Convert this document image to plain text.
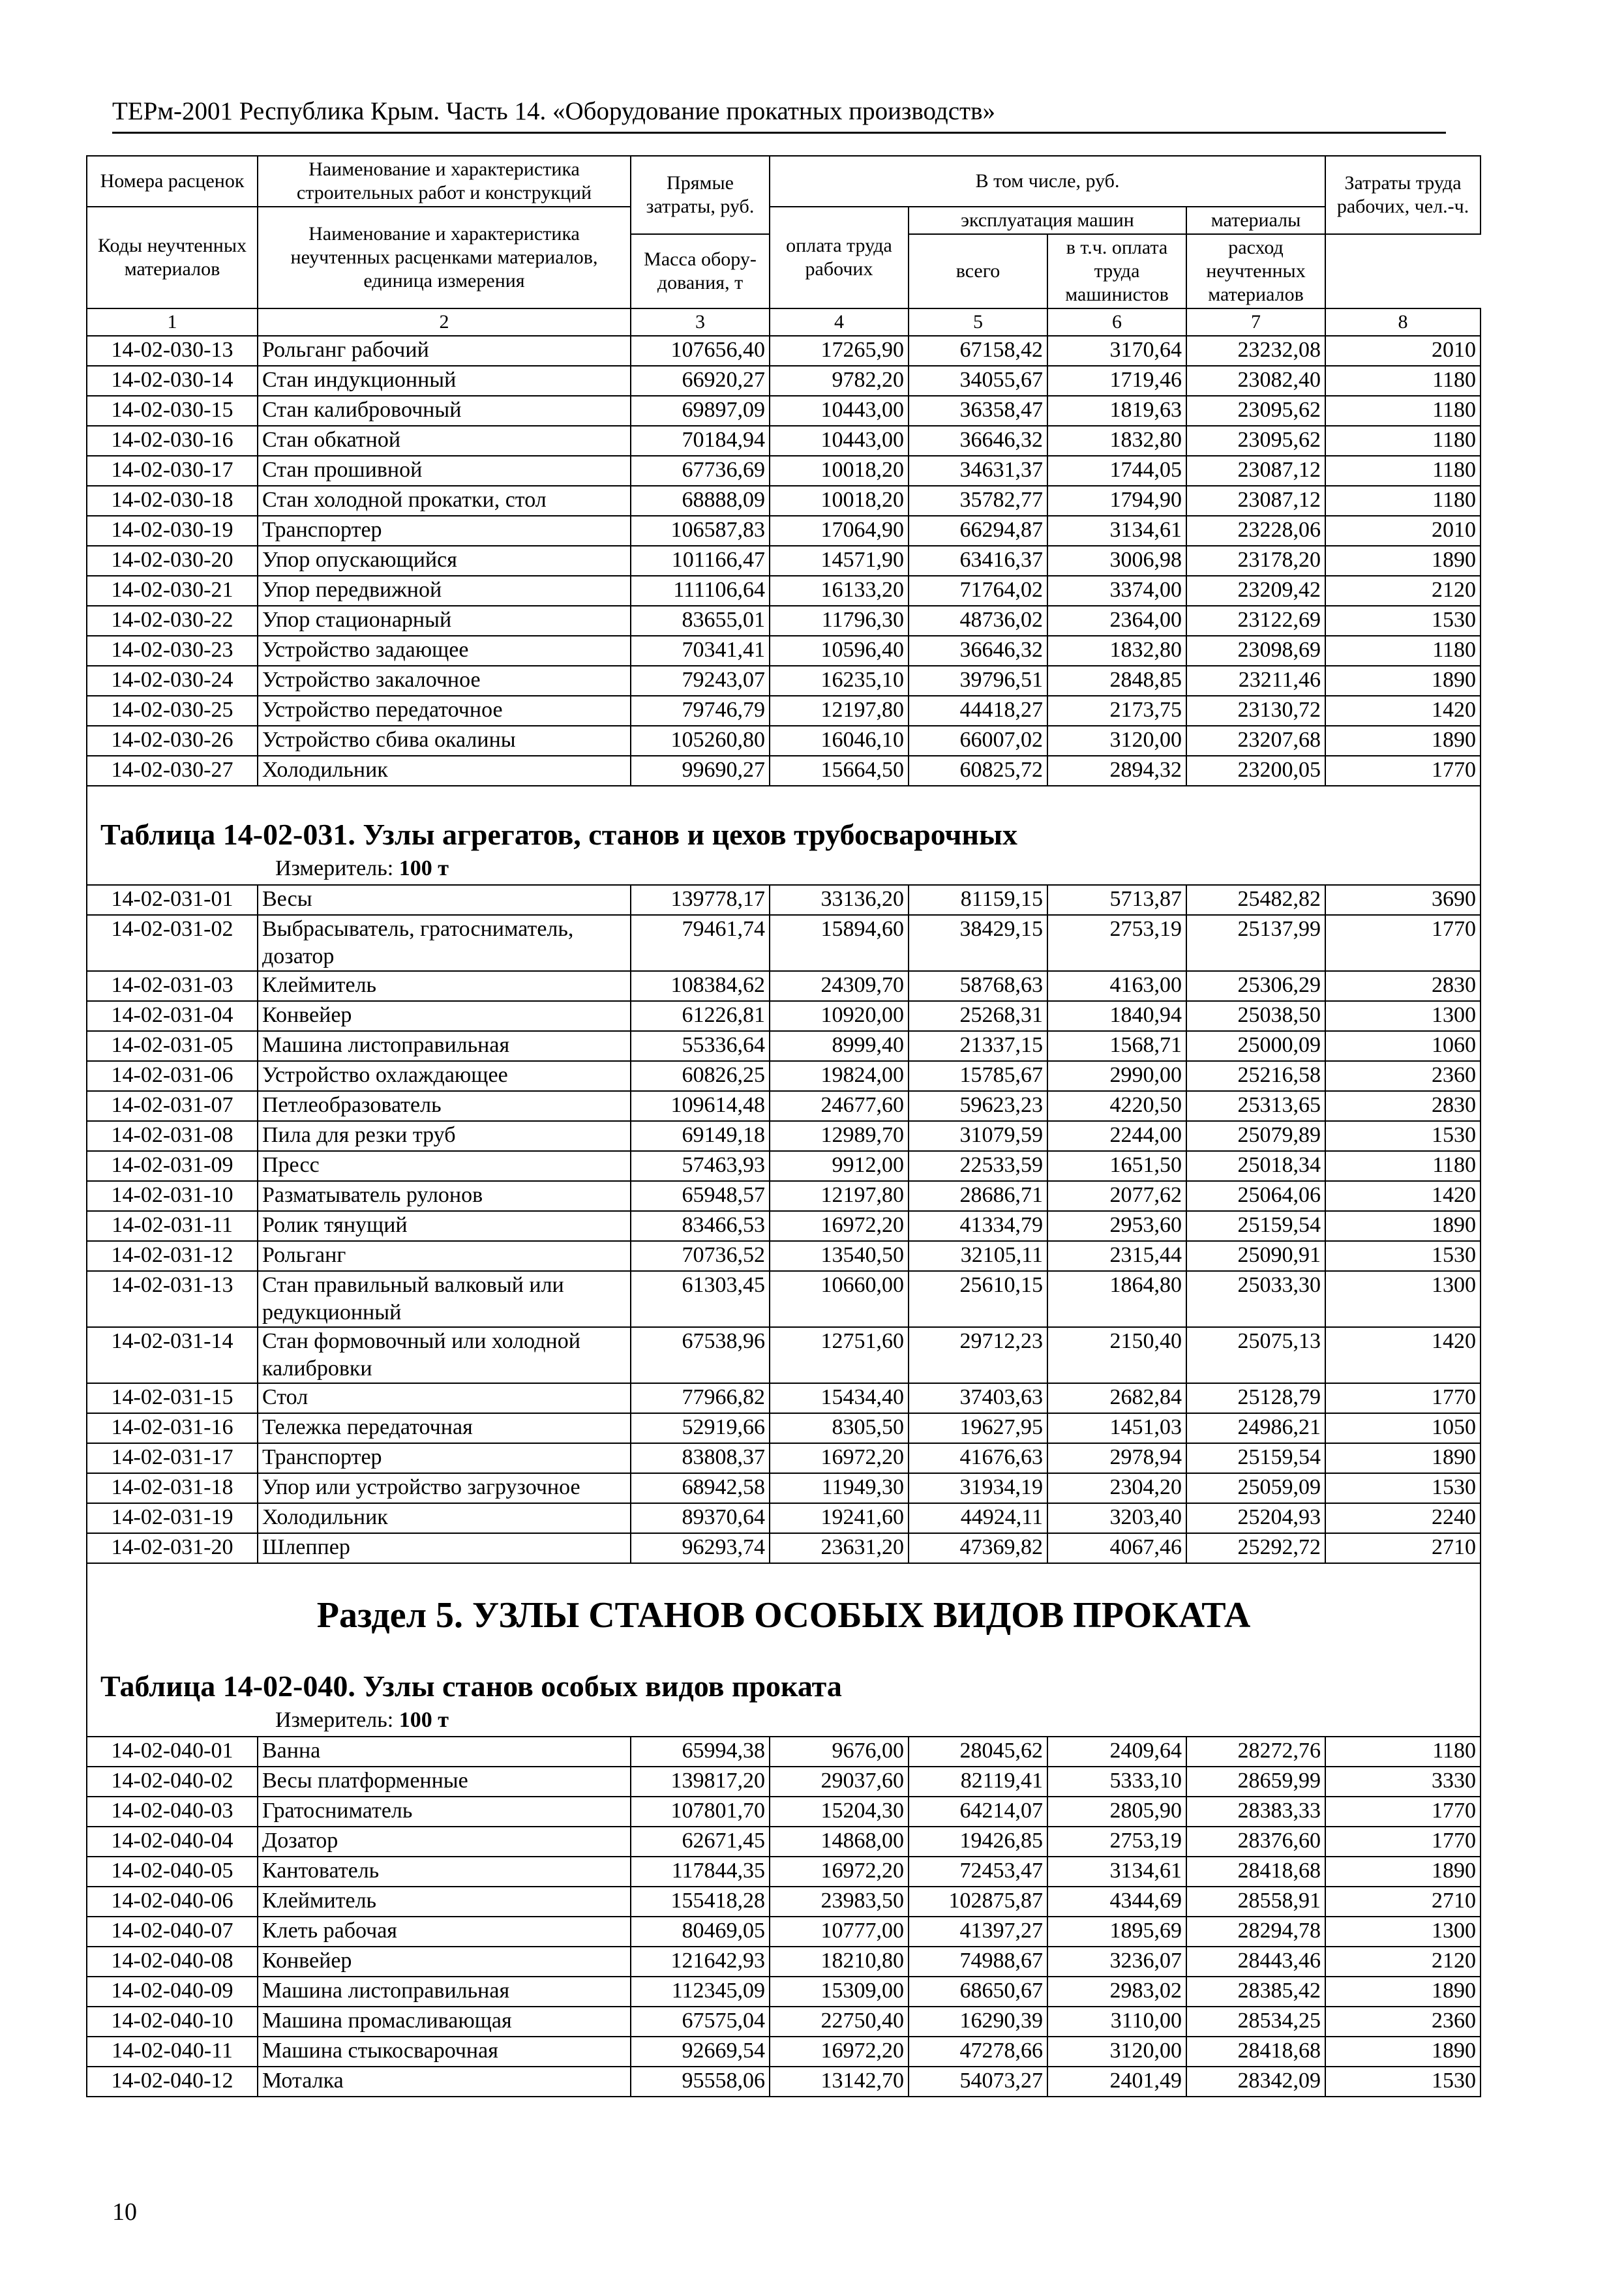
ТЕРм-2001 Республика Крым. Часть 14. «Оборудование прокатных производств»
Номера расценок	Наименование и характеристика строительных работ и конструкций	Прямые затраты, руб.	В том числе, руб.				Затраты труда рабочих, чел.-ч.
Коды неучтенных материалов	Наименование и характеристика неучтенных расценками материалов, единица измерения		оплата труда рабочих	эксплуатация машин		материалы	
				всего	в т.ч. оплата труда машинистов	расход неучтенных материалов	
		Масса обору-дования, т					
1	2	3	4	5	6	7	8
14-02-030-13	Рольганг рабочий	107656,40	17265,90	67158,42	3170,64	23232,08	2010
14-02-030-14	Стан индукционный	66920,27	9782,20	34055,67	1719,46	23082,40	1180
14-02-030-15	Стан калибровочный	69897,09	10443,00	36358,47	1819,63	23095,62	1180
14-02-030-16	Стан обкатной	70184,94	10443,00	36646,32	1832,80	23095,62	1180
14-02-030-17	Стан прошивной	67736,69	10018,20	34631,37	1744,05	23087,12	1180
14-02-030-18	Стан холодной прокатки, стол	68888,09	10018,20	35782,77	1794,90	23087,12	1180
14-02-030-19	Транспортер	106587,83	17064,90	66294,87	3134,61	23228,06	2010
14-02-030-20	Упор опускающийся	101166,47	14571,90	63416,37	3006,98	23178,20	1890
14-02-030-21	Упор передвижной	111106,64	16133,20	71764,02	3374,00	23209,42	2120
14-02-030-22	Упор стационарный	83655,01	11796,30	48736,02	2364,00	23122,69	1530
14-02-030-23	Устройство задающее	70341,41	10596,40	36646,32	1832,80	23098,69	1180
14-02-030-24	Устройство закалочное	79243,07	16235,10	39796,51	2848,85	23211,46	1890
14-02-030-25	Устройство передаточное	79746,79	12197,80	44418,27	2173,75	23130,72	1420
14-02-030-26	Устройство сбива окалины	105260,80	16046,10	66007,02	3120,00	23207,68	1890
14-02-030-27	Холодильник	99690,27	15664,50	60825,72	2894,32	23200,05	1770

Таблица 14-02-031. Узлы агрегатов, станов и цехов трубосварочных
Измеритель: 100 т							

14-02-031-01	Весы	139778,17	33136,20	81159,15	5713,87	25482,82	3690
14-02-031-02	Выбрасыватель, гратосниматель, дозатор	79461,74	15894,60	38429,15	2753,19	25137,99	1770
14-02-031-03	Клеймитель	108384,62	24309,70	58768,63	4163,00	25306,29	2830
14-02-031-04	Конвейер	61226,81	10920,00	25268,31	1840,94	25038,50	1300
14-02-031-05	Машина листоправильная	55336,64	8999,40	21337,15	1568,71	25000,09	1060
14-02-031-06	Устройство охлаждающее	60826,25	19824,00	15785,67	2990,00	25216,58	2360
14-02-031-07	Петлеобразователь	109614,48	24677,60	59623,23	4220,50	25313,65	2830
14-02-031-08	Пила для резки труб	69149,18	12989,70	31079,59	2244,00	25079,89	1530
14-02-031-09	Пресс	57463,93	9912,00	22533,59	1651,50	25018,34	1180
14-02-031-10	Разматыватель рулонов	65948,57	12197,80	28686,71	2077,62	25064,06	1420
14-02-031-11	Ролик тянущий	83466,53	16972,20	41334,79	2953,60	25159,54	1890
14-02-031-12	Рольганг	70736,52	13540,50	32105,11	2315,44	25090,91	1530
14-02-031-13	Стан правильный валковый или редукционный	61303,45	10660,00	25610,15	1864,80	25033,30	1300
14-02-031-14	Стан формовочный или холодной калибровки	67538,96	12751,60	29712,23	2150,40	25075,13	1420
14-02-031-15	Стол	77966,82	15434,40	37403,63	2682,84	25128,79	1770
14-02-031-16	Тележка передаточная	52919,66	8305,50	19627,95	1451,03	24986,21	1050
14-02-031-17	Транспортер	83808,37	16972,20	41676,63	2978,94	25159,54	1890
14-02-031-18	Упор или устройство загрузочное	68942,58	11949,30	31934,19	2304,20	25059,09	1530
14-02-031-19	Холодильник	89370,64	19241,60	44924,11	3203,40	25204,93	2240
14-02-031-20	Шлеппер	96293,74	23631,20	47369,82	4067,46	25292,72	2710

Раздел 5. УЗЛЫ СТАНОВ ОСОБЫХ ВИДОВ ПРОКАТА
Таблица 14-02-040. Узлы станов особых видов проката
Измеритель: 100 т							

14-02-040-01	Ванна	65994,38	9676,00	28045,62	2409,64	28272,76	1180
14-02-040-02	Весы платформенные	139817,20	29037,60	82119,41	5333,10	28659,99	3330
14-02-040-03	Гратосниматель	107801,70	15204,30	64214,07	2805,90	28383,33	1770
14-02-040-04	Дозатор	62671,45	14868,00	19426,85	2753,19	28376,60	1770
14-02-040-05	Кантователь	117844,35	16972,20	72453,47	3134,61	28418,68	1890
14-02-040-06	Клеймитель	155418,28	23983,50	102875,87	4344,69	28558,91	2710
14-02-040-07	Клеть рабочая	80469,05	10777,00	41397,27	1895,69	28294,78	1300
14-02-040-08	Конвейер	121642,93	18210,80	74988,67	3236,07	28443,46	2120
14-02-040-09	Машина листоправильная	112345,09	15309,00	68650,67	2983,02	28385,42	1890
14-02-040-10	Машина промасливающая	67575,04	22750,40	16290,39	3110,00	28534,25	2360
14-02-040-11	Машина стыкосварочная	92669,54	16972,20	47278,66	3120,00	28418,68	1890
14-02-040-12	Моталка	95558,06	13142,70	54073,27	2401,49	28342,09	1530
10
